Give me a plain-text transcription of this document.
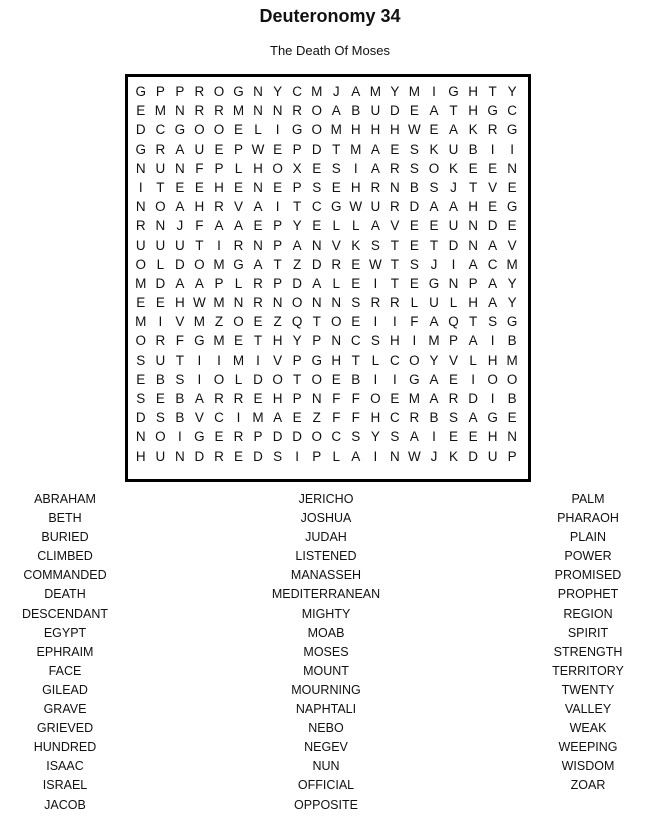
Deuteronomy 34
The Death Of Moses
G P P R O G N Y C M J A M Y M I G H T Y
E M N R R M N N R O A B U D E A T H G C
D C G O O E L	I G O M H H H W E A K R G
G R A U E P W E P D T M A E S K U B I	I
N U N F P L H O X E S I A R S O K E E N
I	T E E H E N E P S E H R N B S J T V E
N O A H R V A I	T C G W U R D A A H E G
R N J F A A E P Y E L L A V E E U N D E
U U U T	I R N P A N V K S T E T D N A V
O L D O M G A T Z D R E W T S J	I A C M
M D A A P L R P D A L E I	T E G N P A Y
E E H W M N R N O N N S R R L U L H A Y
M I V M Z O E Z Q T O E I	I	F A Q T S G
O R F G M E T H Y P N C S H I M P A I B
S U T	I	I M I V P G H T L C O Y V L H M
E B S I O L D O T O E B I	I G A E I O O
S E B A R R E H P N F F O E M A R D I B
D S B V C I M A E Z F F H C R B S A G E
N O I G E R P D D O C S Y S A I E E H N
H U N D R E D S I P L A I N W J K D U P
ABRAHAM
BETH
BURIED
CLIMBED
COMMANDED
DEATH
DESCENDANT
EGYPT
EPHRAIM
FACE
GILEAD
GRAVE
GRIEVED
HUNDRED
ISAAC
ISRAEL
JACOB
JERICHO
JOSHUA
JUDAH
LISTENED
MANASSEH
MEDITERRANEAN
MIGHTY
MOAB
MOSES
MOUNT
MOURNING
NAPHTALI
NEBO
NEGEV
NUN
OFFICIAL
OPPOSITE
PALM
PHARAOH
PLAIN
POWER
PROMISED
PROPHET
REGION
SPIRIT
STRENGTH
TERRITORY
TWENTY
VALLEY
WEAK
WEEPING
WISDOM
ZOAR
